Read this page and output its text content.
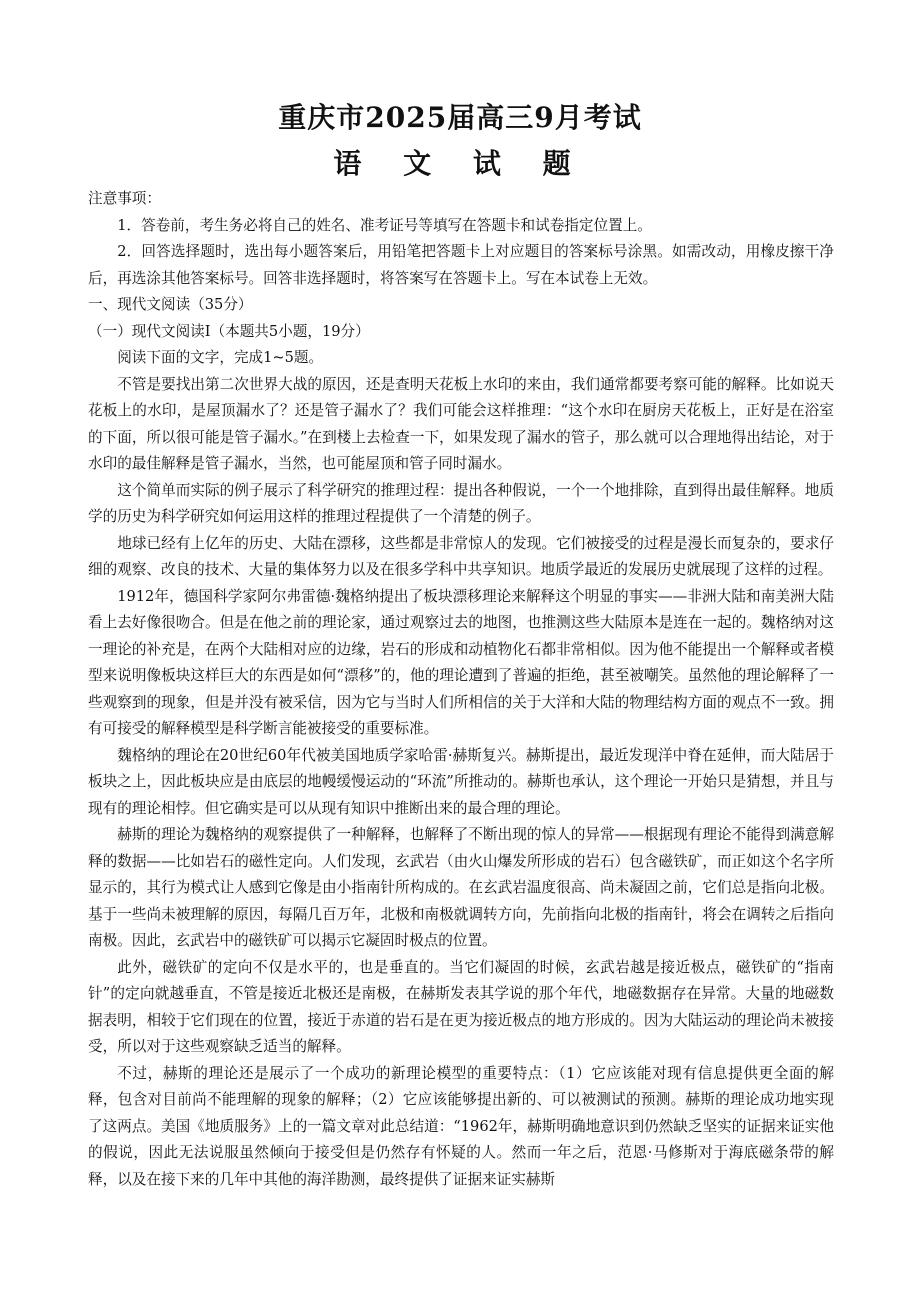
重庆市2025届高三9月考试
语 文 试 题

注意事项：

1．答卷前，考生务必将自己的姓名、准考证号等填写在答题卡和试卷指定位置上。

2．回答选择题时，选出每小题答案后，用铅笔把答题卡上对应题目的答案标号涂黑。如需改动，用橡皮擦干净后，再选涂其他答案标号。回答非选择题时，将答案写在答题卡上。写在本试卷上无效。

一、现代文阅读（35分）

（一）现代文阅读Ⅰ（本题共5小题，19分）

阅读下面的文字，完成1~5题。

不管是要找出第二次世界大战的原因，还是查明天花板上水印的来由，我们通常都要考察可能的解释。比如说天花板上的水印，是屋顶漏水了？还是管子漏水了？我们可能会这样推理：“这个水印在厨房天花板上，正好是在浴室的下面，所以很可能是管子漏水。”在到楼上去检查一下，如果发现了漏水的管子，那么就可以合理地得出结论，对于水印的最佳解释是管子漏水，当然，也可能屋顶和管子同时漏水。

这个简单而实际的例子展示了科学研究的推理过程：提出各种假说，一个一个地排除，直到得出最佳解释。地质学的历史为科学研究如何运用这样的推理过程提供了一个清楚的例子。

地球已经有上亿年的历史、大陆在漂移，这些都是非常惊人的发现。它们被接受的过程是漫长而复杂的，要求仔细的观察、改良的技术、大量的集体努力以及在很多学科中共享知识。地质学最近的发展历史就展现了这样的过程。

1912年，德国科学家阿尔弗雷德·魏格纳提出了板块漂移理论来解释这个明显的事实——非洲大陆和南美洲大陆看上去好像很吻合。但是在他之前的理论家，通过观察过去的地图，也推测这些大陆原本是连在一起的。魏格纳对这一理论的补充是，在两个大陆相对应的边缘，岩石的形成和动植物化石都非常相似。因为他不能提出一个解释或者模型来说明像板块这样巨大的东西是如何“漂移”的，他的理论遭到了普遍的拒绝，甚至被嘲笑。虽然他的理论解释了一些观察到的现象，但是并没有被采信，因为它与当时人们所相信的关于大洋和大陆的物理结构方面的观点不一致。拥有可接受的解释模型是科学断言能被接受的重要标准。

魏格纳的理论在20世纪60年代被美国地质学家哈雷·赫斯复兴。赫斯提出，最近发现洋中脊在延伸，而大陆居于板块之上，因此板块应是由底层的地幔缓慢运动的“环流”所推动的。赫斯也承认，这个理论一开始只是猜想，并且与现有的理论相悖。但它确实是可以从现有知识中推断出来的最合理的理论。

赫斯的理论为魏格纳的观察提供了一种解释，也解释了不断出现的惊人的异常——根据现有理论不能得到满意解释的数据——比如岩石的磁性定向。人们发现，玄武岩（由火山爆发所形成的岩石）包含磁铁矿，而正如这个名字所显示的，其行为模式让人感到它像是由小指南针所构成的。在玄武岩温度很高、尚未凝固之前，它们总是指向北极。基于一些尚未被理解的原因，每隔几百万年，北极和南极就调转方向，先前指向北极的指南针，将会在调转之后指向南极。因此，玄武岩中的磁铁矿可以揭示它凝固时极点的位置。

此外，磁铁矿的定向不仅是水平的，也是垂直的。当它们凝固的时候，玄武岩越是接近极点，磁铁矿的“指南针”的定向就越垂直，不管是接近北极还是南极，在赫斯发表其学说的那个年代，地磁数据存在异常。大量的地磁数据表明，相较于它们现在的位置，接近于赤道的岩石是在更为接近极点的地方形成的。因为大陆运动的理论尚未被接受，所以对于这些观察缺乏适当的解释。

不过，赫斯的理论还是展示了一个成功的新理论模型的重要特点：（1）它应该能对现有信息提供更全面的解释，包含对目前尚不能理解的现象的解释；（2）它应该能够提出新的、可以被测试的预测。赫斯的理论成功地实现了这两点。美国《地质服务》上的一篇文章对此总结道：“1962年，赫斯明确地意识到仍然缺乏坚实的证据来证实他的假说，因此无法说服虽然倾向于接受但是仍然存有怀疑的人。然而一年之后，范恩·马修斯对于海底磁条带的解释，以及在接下来的几年中其他的海洋勘测，最终提供了证据来证实赫斯
